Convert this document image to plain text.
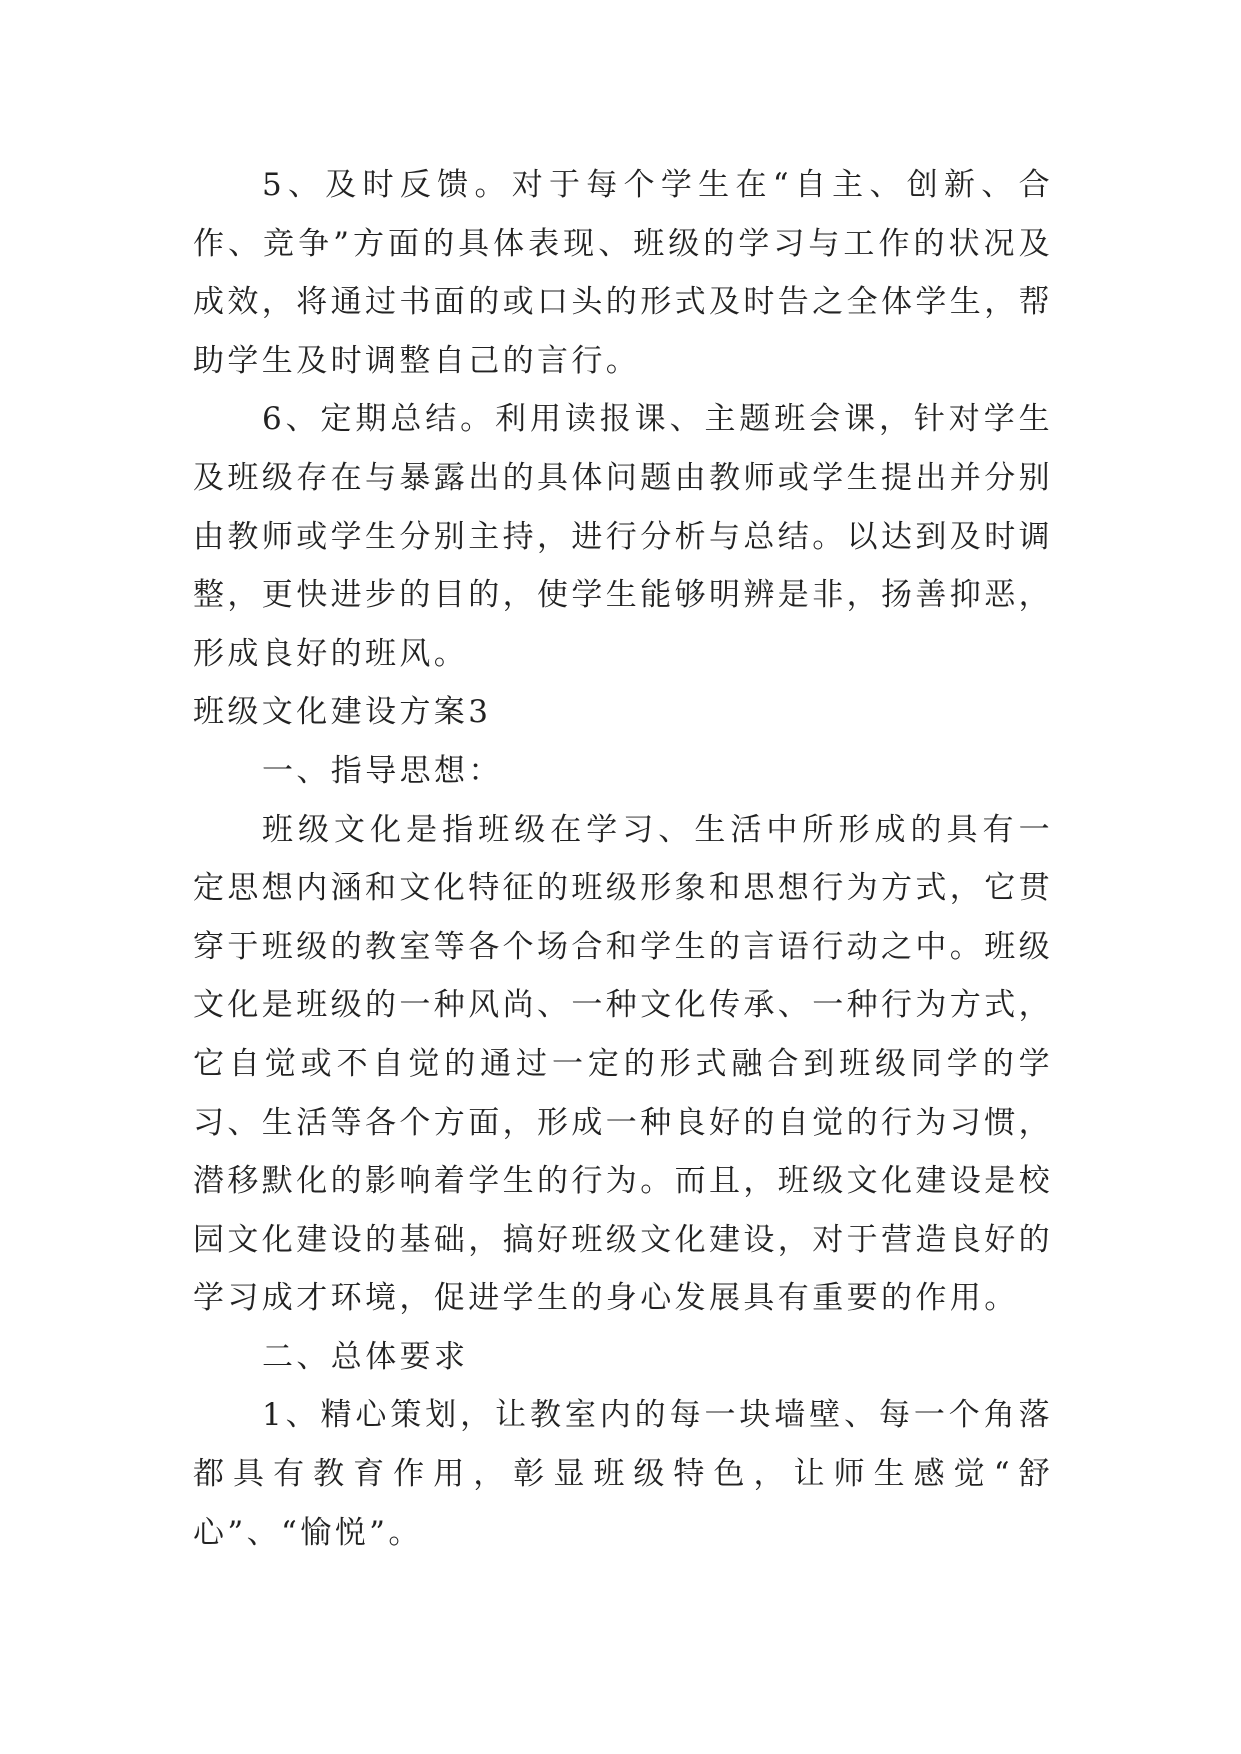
5、及时反馈。对于每个学生在“自主、创新、合作、竞争”方面的具体表现、班级的学习与工作的状况及成效，将通过书面的或口头的形式及时告之全体学生，帮助学生及时调整自己的言行。

6、定期总结。利用读报课、主题班会课，针对学生及班级存在与暴露出的具体问题由教师或学生提出并分别由教师或学生分别主持，进行分析与总结。以达到及时调整，更快进步的目的，使学生能够明辨是非，扬善抑恶，形成良好的班风。

班级文化建设方案3

一、指导思想：

班级文化是指班级在学习、生活中所形成的具有一定思想内涵和文化特征的班级形象和思想行为方式，它贯穿于班级的教室等各个场合和学生的言语行动之中。班级文化是班级的一种风尚、一种文化传承、一种行为方式，它自觉或不自觉的通过一定的形式融合到班级同学的学习、生活等各个方面，形成一种良好的自觉的行为习惯，潜移默化的影响着学生的行为。而且，班级文化建设是校园文化建设的基础，搞好班级文化建设，对于营造良好的学习成才环境，促进学生的身心发展具有重要的作用。

二、总体要求

1、精心策划，让教室内的每一块墙壁、每一个角落都具有教育作用，彰显班级特色，让师生感觉“舒心”、“愉悦”。
